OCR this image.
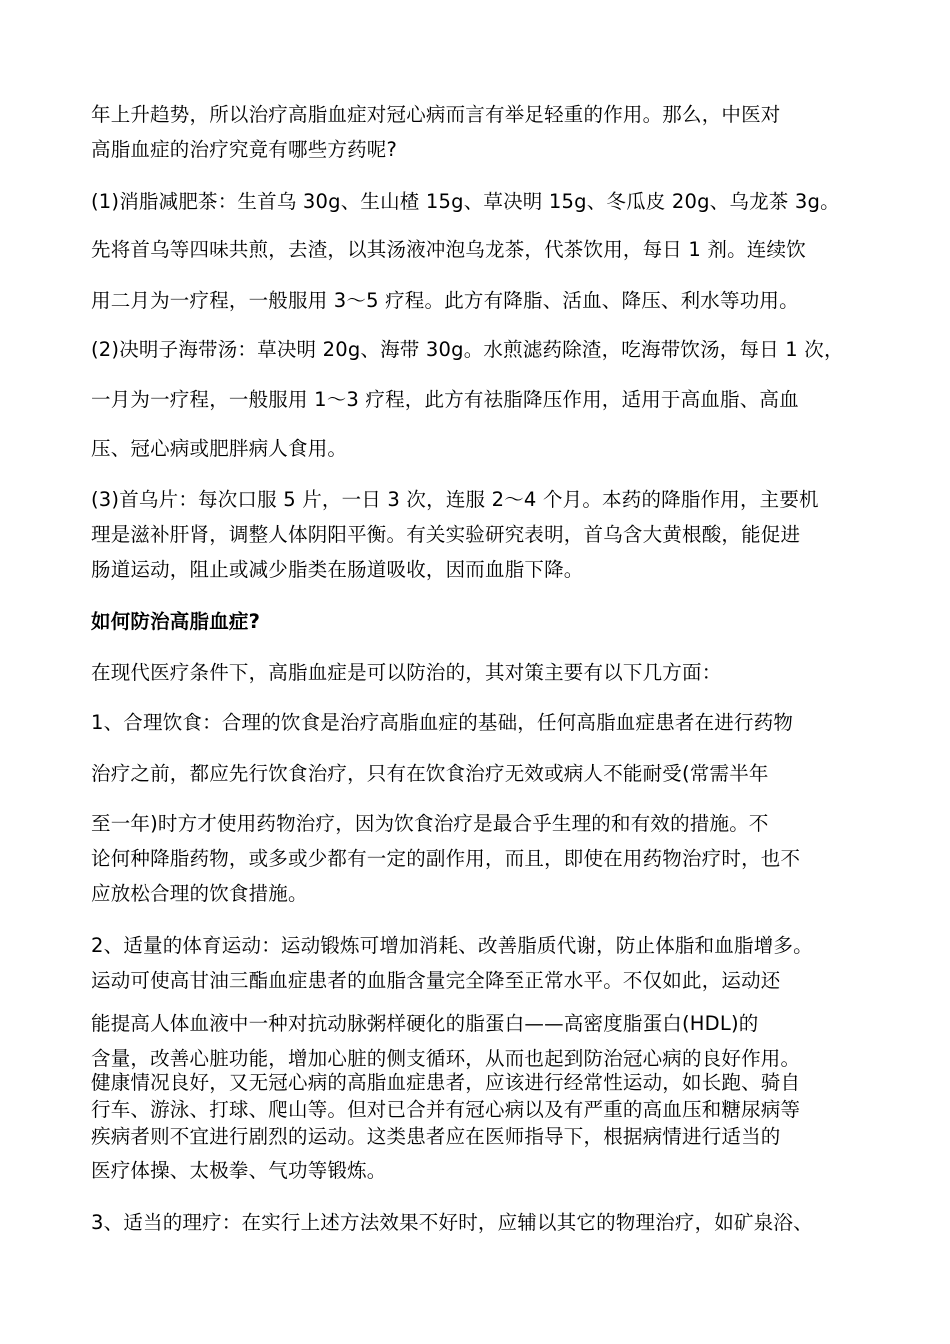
年上升趋势，所以治疗高脂血症对冠心病而言有举足轻重的作用。那么，中医对
高脂血症的治疗究竟有哪些方药呢?
(1)消脂减肥茶：生首乌 30g、生山楂 15g、草决明 15g、冬瓜皮 20g、乌龙茶 3g。
先将首乌等四味共煎，去渣，以其汤液冲泡乌龙茶，代茶饮用，每日 1 剂。连续饮
用二月为一疗程，一般服用 3～5 疗程。此方有降脂、活血、降压、利水等功用。
(2)决明子海带汤：草决明 20g、海带 30g。水煎滤药除渣，吃海带饮汤，每日 1 次，
一月为一疗程，一般服用 1～3 疗程，此方有祛脂降压作用，适用于高血脂、高血
压、冠心病或肥胖病人食用。
(3)首乌片：每次口服 5 片，一日 3 次，连服 2～4 个月。本药的降脂作用，主要机
理是滋补肝肾，调整人体阴阳平衡。有关实验研究表明，首乌含大黄根酸，能促进
肠道运动，阻止或减少脂类在肠道吸收，因而血脂下降。
如何防治高脂血症?
在现代医疗条件下，高脂血症是可以防治的，其对策主要有以下几方面：
1、合理饮食：合理的饮食是治疗高脂血症的基础，任何高脂血症患者在进行药物
治疗之前，都应先行饮食治疗，只有在饮食治疗无效或病人不能耐受(常需半年
至一年)时方才使用药物治疗，因为饮食治疗是最合乎生理的和有效的措施。不
论何种降脂药物，或多或少都有一定的副作用，而且，即使在用药物治疗时，也不
应放松合理的饮食措施。
2、适量的体育运动：运动锻炼可增加消耗、改善脂质代谢，防止体脂和血脂增多。
运动可使高甘油三酯血症患者的血脂含量完全降至正常水平。不仅如此，运动还
能提高人体血液中一种对抗动脉粥样硬化的脂蛋白——高密度脂蛋白(HDL)的
含量，改善心脏功能，增加心脏的侧支循环，从而也起到防治冠心病的良好作用。
健康情况良好，又无冠心病的高脂血症患者，应该进行经常性运动，如长跑、骑自
行车、游泳、打球、爬山等。但对已合并有冠心病以及有严重的高血压和糖尿病等
疾病者则不宜进行剧烈的运动。这类患者应在医师指导下，根据病情进行适当的
医疗体操、太极拳、气功等锻炼。
3、适当的理疗：在实行上述方法效果不好时，应辅以其它的物理治疗，如矿泉浴、
